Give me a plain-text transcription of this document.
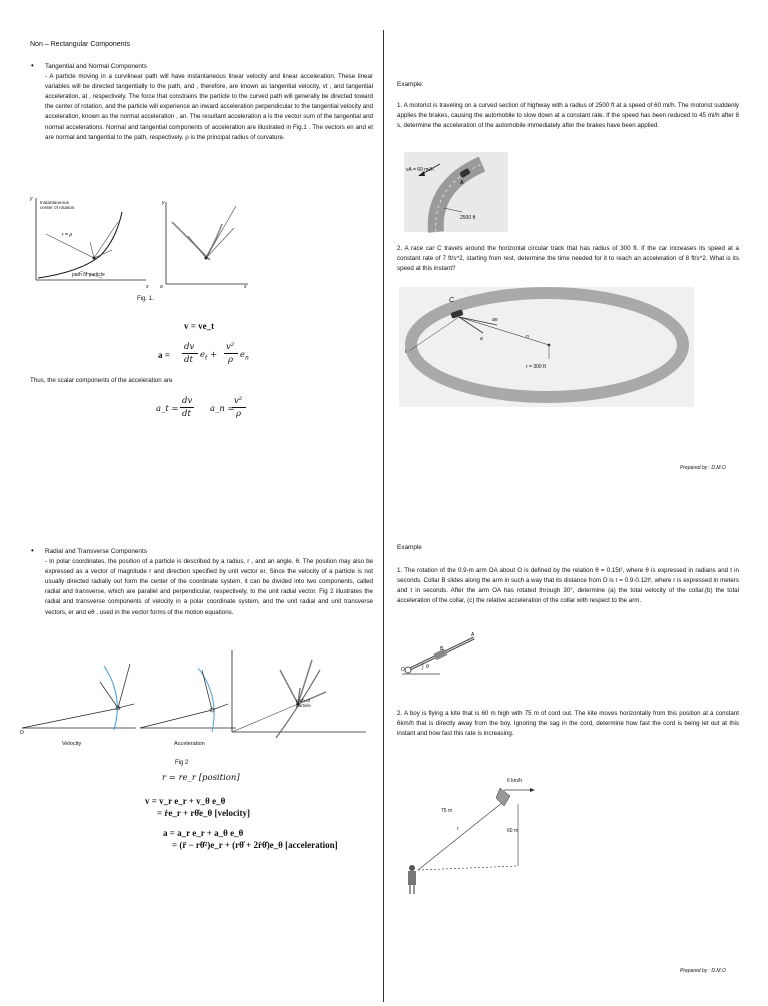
Non – Rectangular Components
• Tangential and Normal Components
- A particle moving in a curvilinear path will have instantaneous linear velocity and linear acceleration. These linear variables will be directed tangentially to the path, and , therefore, are known as tangential velocity, vt , and tangential acceleration, at , respectively. The force that constrains the particle to the curved path will generally be directed toward the center of rotation, and the particle will experience an inward acceleration perpendicular to the tangential velocity and acceleration, known as the normal acceleration , an. The resultant acceleration a is the vector sum of the tangential and normal accelerations. Normal and tangential components of acceleration are illustrated in Fig.1 . The vectors en and et are normal and tangential to the path, respectively. ρ is the principal radius of curvature.
Instantaneous
center of rotation
r = ρ
path of particle
y
x
y
x
o
Fig. 1.
v = ve_t
a =
dv
dt $e_t$ +
v²
ρ $e_n$
Thus, the scalar components of the acceleration are
a_t =
dv
dt a_n =
v²
ρ
Example:
1. A motorist is traveling on a curved section of highway with a radius of 2500 ft at a speed of 60 mi/h. The motorist suddenly applies the brakes, causing the automobile to slow down at a constant rate. If the speed has been reduced to 45 mi/h after 8 s, determine the acceleration of the automobile immediately after the brakes have been applied.
vA = 60 mi/h
2500 ft
A
2. A race car C travels around the horizontal circular track that has radius of 300 ft. If the car increases its speed at a constant rate of 7 ft/s^2, starting from rest, determine the time needed for it to reach an acceleration of 8 ft/s^2. What is its speed at this instant?
C
r = 300 ft
t
n
a
an
Prepared by : D.M.O
• Radial and Transverse Components
- In polar coordinates, the position of a particle is described by a radius, r , and an angle, θ. The position may also be expressed as a vector of magnitude r and direction specified by unit vector er. Since the velocity of a particle is not usually directed radially out form the center of the coordinate system, it can be divided into two components, called radial and transverse, which are parallel and perpendicular, respectively, to the unit radial vector. Fig 2 illustrates the radial and transverse components of velocity in a polar coordinate system, and the unit radial and unit transverse vectors, er and eθ , used in the vector forms of the motion equations.
O
Velocity	Acceleration
path of particle
Fig 2
r = re_r [position]
v = v_r e_r + v_θ e_θ
= ṙe_r + rθ̇e_θ [velocity]
a = a_r e_r + a_θ e_θ
= (r̈ − rθ̇²)e_r + (rθ̈ + 2ṙθ̇)e_θ [acceleration]
Example
1. The rotation of the 0.9-m arm OA about O is defined by the relation θ = 0.15t², where θ is expressed in radians and t in seconds. Collar B slides along the arm in such a way that its distance from O is r = 0.9-0.12t², where r is expressed in meters and t in seconds. After the arm OA has rotated through 30°, determine (a) the total velocity of the collar,(b) the total acceleration of the collar, (c) the relative acceleration of the collar with respect to the arm.
A
B
O	θ
2. A boy is flying a kite that is 60 m high with 75 m of cord out. The kite moves horizontally from this position at a constant 6km/h that is directly away from the boy. Ignoring the sag in the cord, determine how fast the cord is being let out at this instant and how fast this rate is increasing.
6 km/h
75 m
60 m
r
Prepared by : D.M.O
